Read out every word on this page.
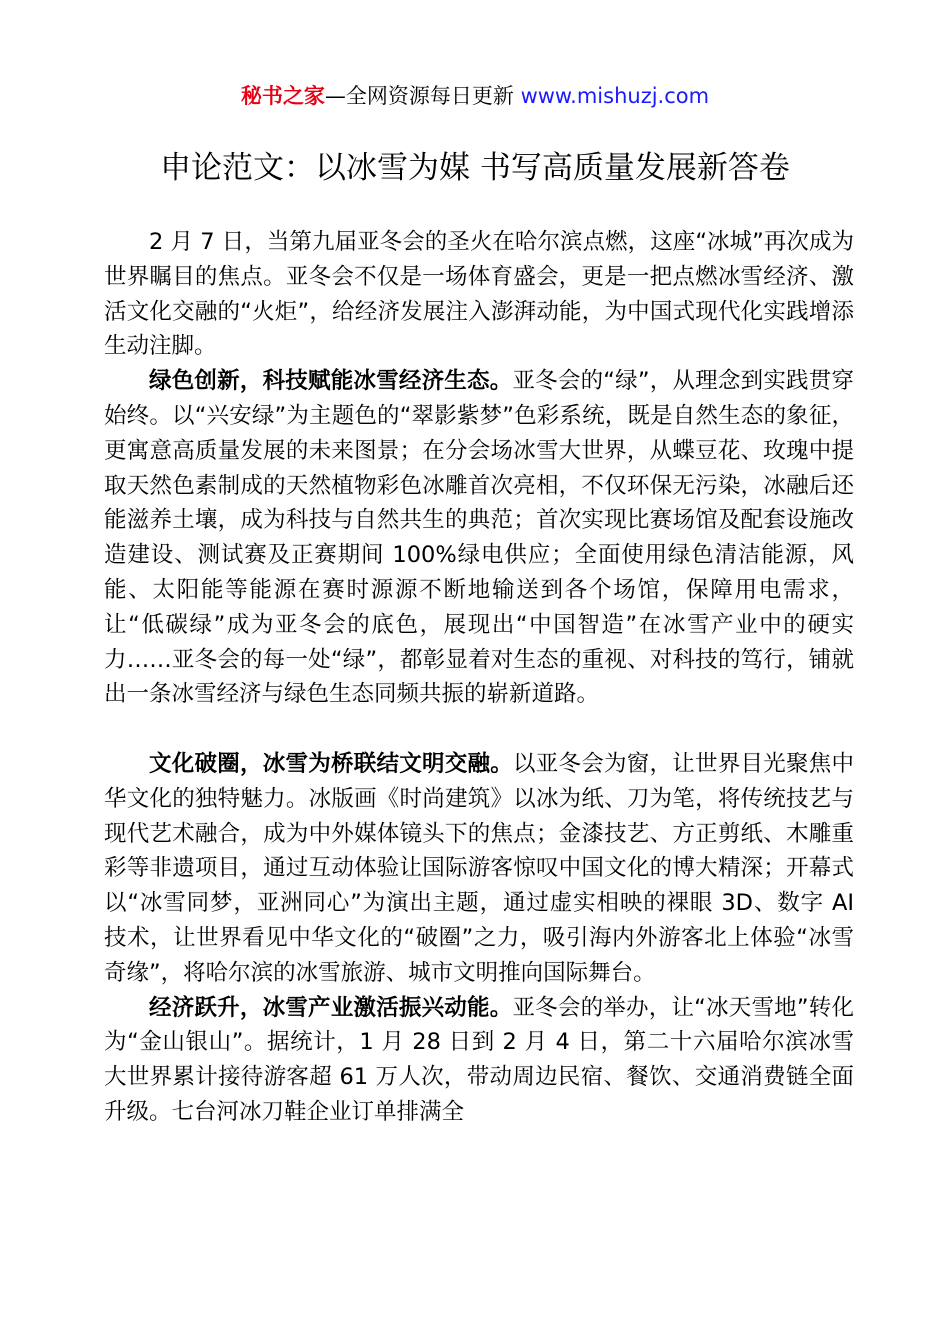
秘书之家—全网资源每日更新 www.mishuzj.com
申论范文：以冰雪为媒 书写高质量发展新答卷

2 月 7 日，当第九届亚冬会的圣火在哈尔滨点燃，这座“冰城”再次成为世界瞩目的焦点。亚冬会不仅是一场体育盛会，更是一把点燃冰雪经济、激活文化交融的“火炬”，给经济发展注入澎湃动能，为中国式现代化实践增添生动注脚。

绿色创新，科技赋能冰雪经济生态。亚冬会的“绿”，从理念到实践贯穿始终。以“兴安绿”为主题色的“翠影紫梦”色彩系统，既是自然生态的象征，更寓意高质量发展的未来图景；在分会场冰雪大世界，从蝶豆花、玫瑰中提取天然色素制成的天然植物彩色冰雕首次亮相，不仅环保无污染，冰融后还能滋养土壤，成为科技与自然共生的典范；首次实现比赛场馆及配套设施改造建设、测试赛及正赛期间 100%绿电供应；全面使用绿色清洁能源，风能、太阳能等能源在赛时源源不断地输送到各个场馆，保障用电需求，让“低碳绿”成为亚冬会的底色，展现出“中国智造”在冰雪产业中的硬实力……亚冬会的每一处“绿”，都彰显着对生态的重视、对科技的笃行，铺就出一条冰雪经济与绿色生态同频共振的崭新道路。

文化破圈，冰雪为桥联结文明交融。以亚冬会为窗，让世界目光聚焦中华文化的独特魅力。冰版画《时尚建筑》以冰为纸、刀为笔，将传统技艺与现代艺术融合，成为中外媒体镜头下的焦点；金漆技艺、方正剪纸、木雕重彩等非遗项目，通过互动体验让国际游客惊叹中国文化的博大精深；开幕式以“冰雪同梦，亚洲同心”为演出主题，通过虚实相映的裸眼 3D、数字 AI 技术，让世界看见中华文化的“破圈”之力，吸引海内外游客北上体验“冰雪奇缘”，将哈尔滨的冰雪旅游、城市文明推向国际舞台。

经济跃升，冰雪产业激活振兴动能。亚冬会的举办，让“冰天雪地”转化为“金山银山”。据统计，1 月 28 日到 2 月 4 日，第二十六届哈尔滨冰雪大世界累计接待游客超 61 万人次，带动周边民宿、餐饮、交通消费链全面升级。七台河冰刀鞋企业订单排满全
